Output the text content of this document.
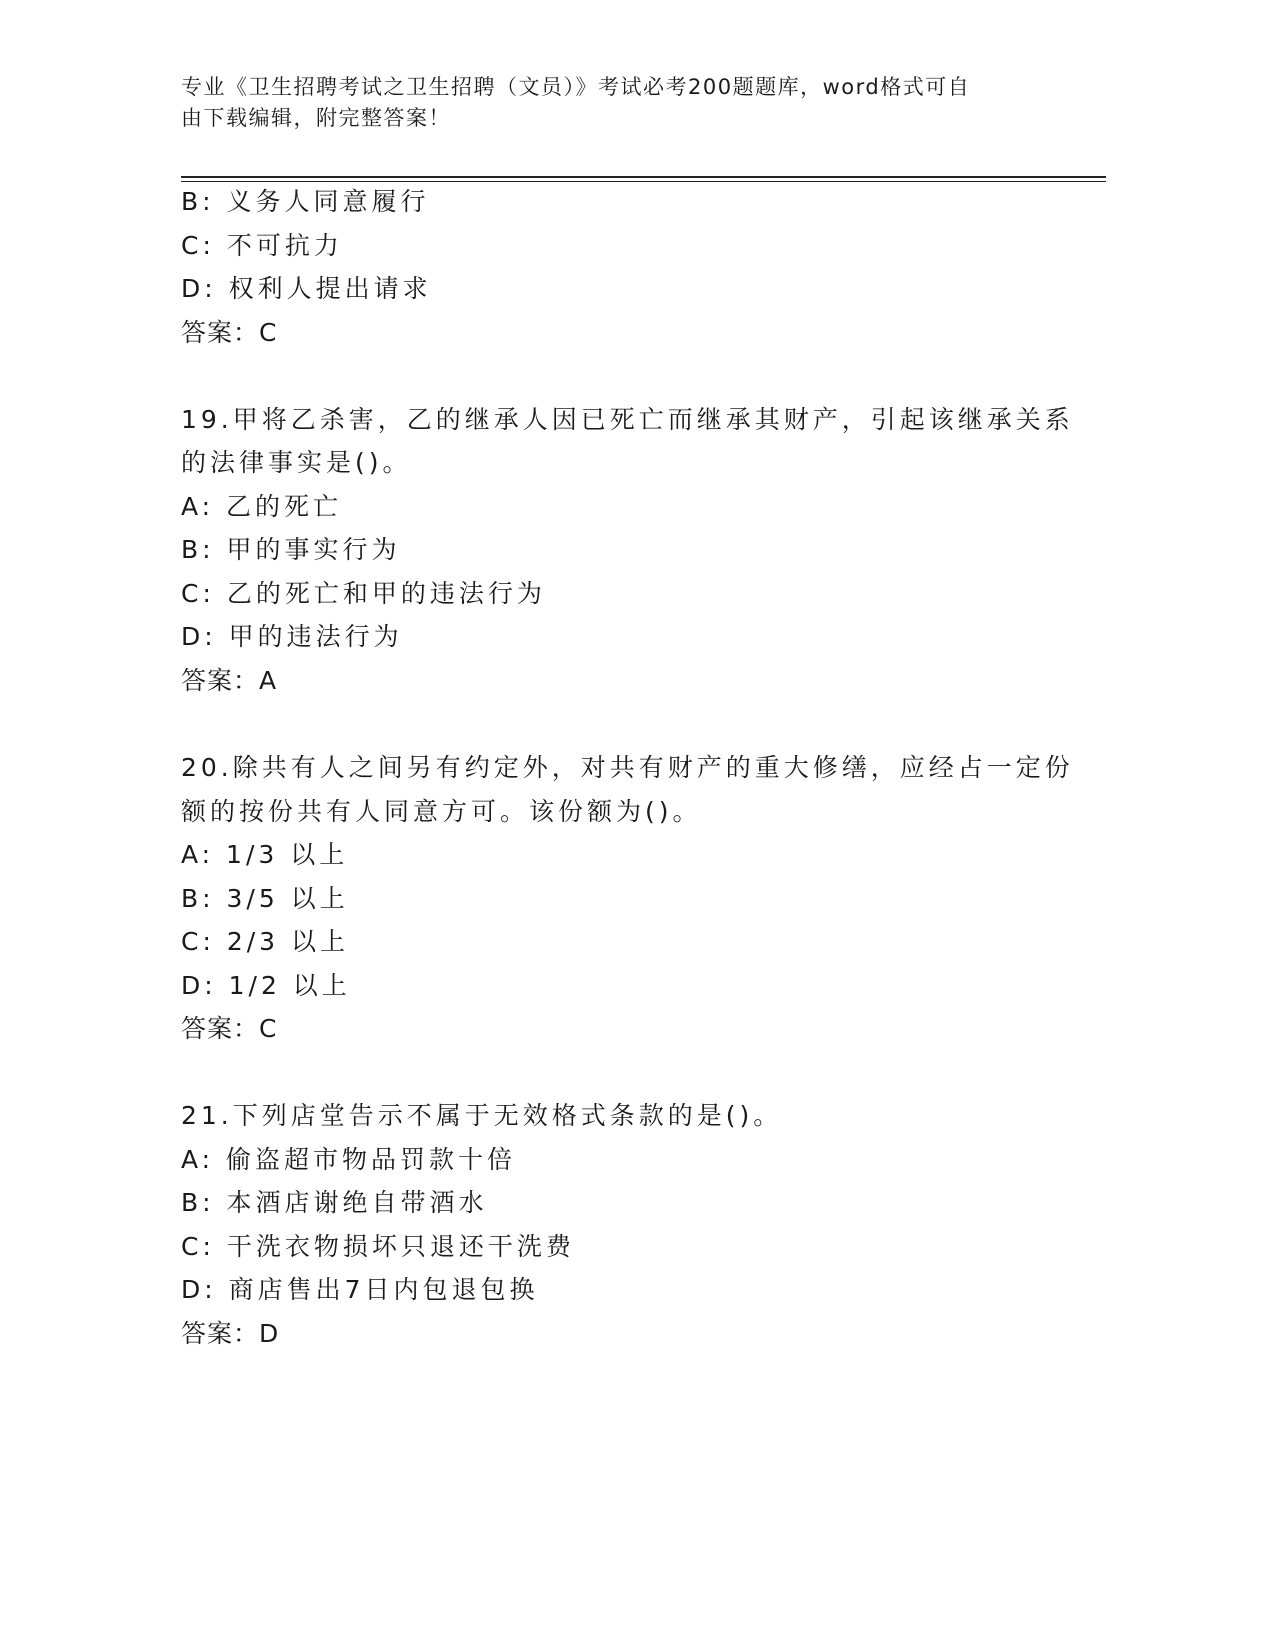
专业《卫生招聘考试之卫生招聘（文员）》考试必考200题题库，word格式可自
由下载编辑，附完整答案！
B: 义务人同意履行
C: 不可抗力
D: 权利人提出请求
答案：C
19.甲将乙杀害，乙的继承人因已死亡而继承其财产，引起该继承关系
的法律事实是()。
A: 乙的死亡
B: 甲的事实行为
C: 乙的死亡和甲的违法行为
D: 甲的违法行为
答案：A
20.除共有人之间另有约定外，对共有财产的重大修缮，应经占一定份
额的按份共有人同意方可。该份额为()。
A: 1/3 以上
B: 3/5 以上
C: 2/3 以上
D: 1/2 以上
答案：C
21.下列店堂告示不属于无效格式条款的是()。
A: 偷盗超市物品罚款十倍
B: 本酒店谢绝自带酒水
C: 干洗衣物损坏只退还干洗费
D: 商店售出7日内包退包换
答案：D
